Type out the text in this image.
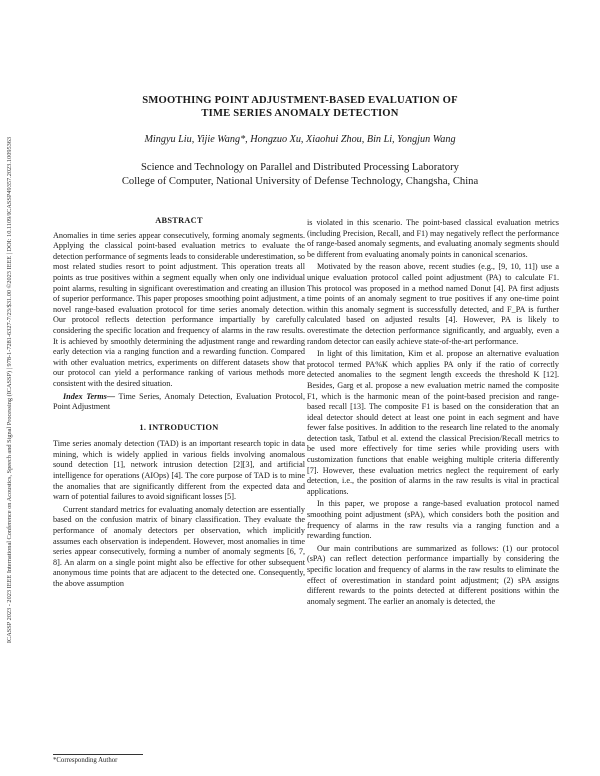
ICASSP 2023 - 2023 IEEE International Conference on Acoustics, Speech and Signal Processing (ICASSP) | 978-1-7281-6327-7/23/$31.00 ©2023 IEEE | DOI: 10.1109/ICASSP49357.2023.10095363
SMOOTHING POINT ADJUSTMENT-BASED EVALUATION OF
TIME SERIES ANOMALY DETECTION
Mingyu Liu, Yijie Wang*, Hongzuo Xu, Xiaohui Zhou, Bin Li, Yongjun Wang
Science and Technology on Parallel and Distributed Processing Laboratory
College of Computer, National University of Defense Technology, Changsha, China
ABSTRACT

Anomalies in time series appear consecutively, forming anomaly segments. Applying the classical point-based evaluation metrics to evaluate the detection performance of segments leads to considerable underestimation, so most related studies resort to point adjustment. This operation treats all points as true positives within a segment equally when only one individual point alarms, resulting in significant overestimation and creating an illusion of superior performance. This paper proposes smoothing point adjustment, a novel range-based evaluation protocol for time series anomaly detection. Our protocol reflects detection performance impartially by carefully considering the specific location and frequency of alarms in the raw results. It is achieved by smoothly determining the adjustment range and rewarding early detection via a ranging function and a rewarding function. Compared with other evaluation metrics, experiments on different datasets show that our protocol can yield a performance ranking of various methods more consistent with the desired situation.

Index Terms— Time Series, Anomaly Detection, Evaluation Protocol, Point Adjustment

1. INTRODUCTION

Time series anomaly detection (TAD) is an important research topic in data mining, which is widely applied in various fields involving anomalous sound detection [1], network intrusion detection [2][3], and artificial intelligence for operations (AIOps) [4]. The core purpose of TAD is to mine the anomalies that are significantly different from the expected data and warn of potential failures to avoid significant losses [5].

Current standard metrics for evaluating anomaly detection are essentially based on the confusion matrix of binary classification. They evaluate the performance of anomaly detectors per observation, which implicitly assumes each observation is independent. However, most anomalies in time series appear consecutively, forming a number of anomaly segments [6, 7, 8]. An alarm on a single point might also be effective for other subsequent anonymous time points that are adjacent to the detected one. Consequently, the above assumption

is violated in this scenario. The point-based classical evaluation metrics (including Precision, Recall, and F1) may negatively reflect the performance of range-based anomaly segments, and evaluating anomaly segments should be different from evaluating anomaly points in canonical scenarios.

Motivated by the reason above, recent studies (e.g., [9, 10, 11]) use a unique evaluation protocol called point adjustment (PA) to calculate F1. This protocol was proposed in a method named Donut [4]. PA first adjusts time points of an anomaly segment to true positives if any one-time point within this anomaly segment is successfully detected, and F_PA is further calculated based on adjusted results [4]. However, PA is likely to overestimate the detection performance significantly, and arguably, even a random detector can easily achieve state-of-the-art performance.

In light of this limitation, Kim et al. propose an alternative evaluation protocol termed PA%K which applies PA only if the ratio of correctly detected anomalies to the segment length exceeds the threshold K [12]. Besides, Garg et al. propose a new evaluation metric named the composite F1, which is the harmonic mean of the point-based precision and range-based recall [13]. The composite F1 is based on the consideration that an ideal detector should detect at least one point in each segment and have fewer false positives. In addition to the research line related to the anomaly detection task, Tatbul et al. extend the classical Precision/Recall metrics to be used more effectively for time series while providing users with customization functions that enable weighing multiple criteria differently [7]. However, these evaluation metrics neglect the requirement of early detection, i.e., the position of alarms in the raw results is vital in practical applications.

In this paper, we propose a range-based evaluation protocol named smoothing point adjustment (sPA), which considers both the position and frequency of alarms in the raw results via a ranging function and a rewarding function.

Our main contributions are summarized as follows: (1) our protocol (sPA) can reflect detection performance impartially by considering the specific location and frequency of alarms in the raw results to eliminate the effect of overestimation in standard point adjustment; (2) sPA assigns different rewards to the points detected at different positions within the anomaly segment. The earlier an anomaly is detected, the

*Corresponding Author
